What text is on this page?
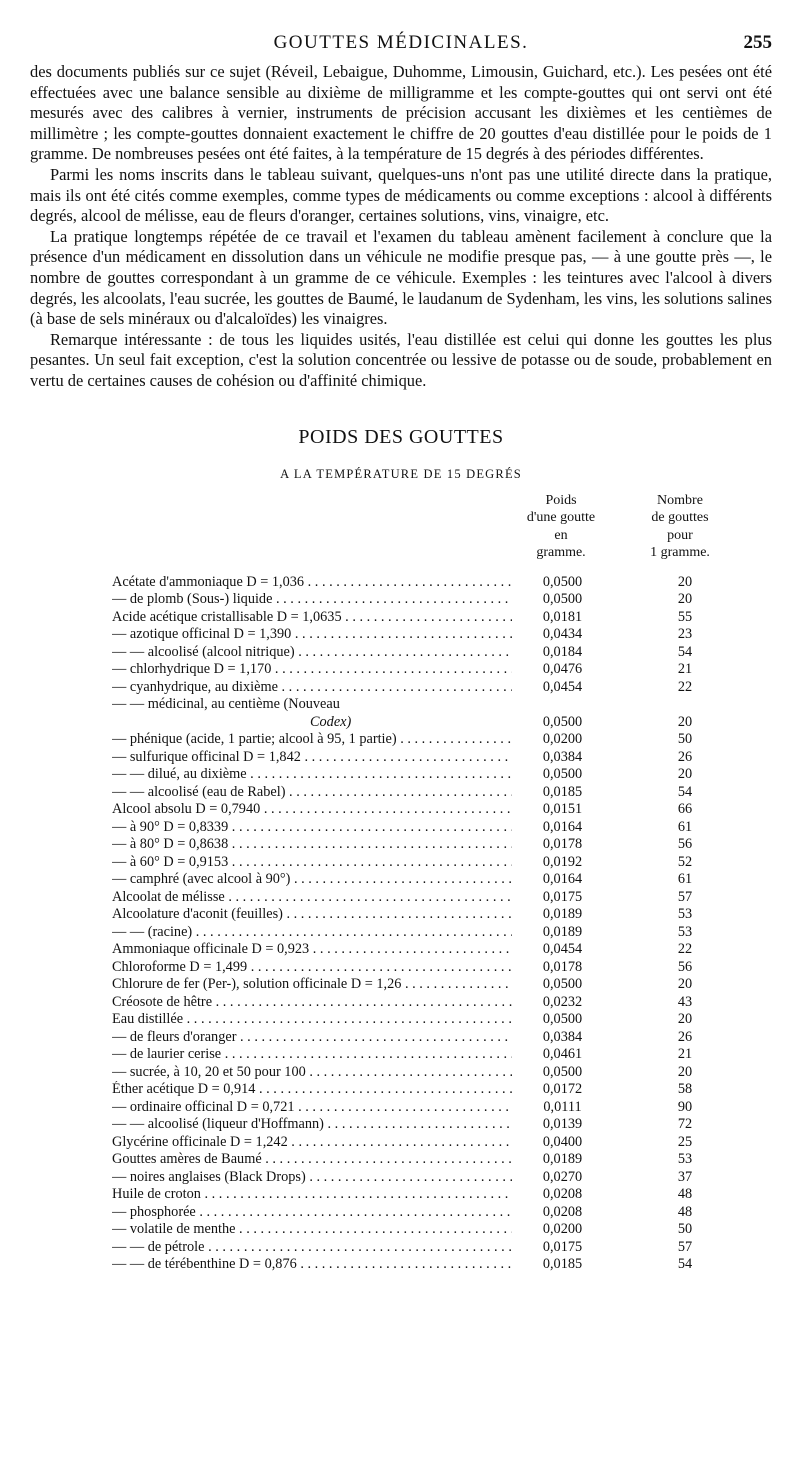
GOUTTES MÉDICINALES.	255

des documents publiés sur ce sujet (Réveil, Lebaigue, Duhomme, Limousin, Guichard, etc.). Les pesées ont été effectuées avec une balance sensible au dixième de milligramme et les compte-gouttes qui ont servi ont été mesurés avec des calibres à vernier, instruments de précision accusant les dixièmes et les centièmes de millimètre ; les compte-gouttes donnaient exactement le chiffre de 20 gouttes d'eau distillée pour le poids de 1 gramme. De nombreuses pesées ont été faites, à la température de 15 degrés à des périodes différentes.

Parmi les noms inscrits dans le tableau suivant, quelques-uns n'ont pas une utilité directe dans la pratique, mais ils ont été cités comme exemples, comme types de médicaments ou comme exceptions : alcool à différents degrés, alcool de mélisse, eau de fleurs d'oranger, certaines solutions, vins, vinaigre, etc.

La pratique longtemps répétée de ce travail et l'examen du tableau amènent facilement à conclure que la présence d'un médicament en dissolution dans un véhicule ne modifie presque pas, — à une goutte près —, le nombre de gouttes correspondant à un gramme de ce véhicule. Exemples : les teintures avec l'alcool à divers degrés, les alcoolats, l'eau sucrée, les gouttes de Baumé, le laudanum de Sydenham, les vins, les solutions salines (à base de sels minéraux ou d'alcaloïdes) les vinaigres.

Remarque intéressante : de tous les liquides usités, l'eau distillée est celui qui donne les gouttes les plus pesantes. Un seul fait exception, c'est la solution concentrée ou lessive de potasse ou de soude, probablement en vertu de certaines causes de cohésion ou d'affinité chimique.

POIDS DES GOUTTES
A LA TEMPÉRATURE DE 15 DEGRÉS
Poids
d'une goutte
en
gramme.
Nombre
de gouttes
pour
1 gramme.
Acétate d'ammoniaque D = 1,036 . . .	0,0500	20
— de plomb (Sous-) liquide . . .	0,0500	20
Acide acétique cristallisable D = 1,0635 . . .	0,0181	55
— azotique officinal D = 1,390 . . .	0,0434	23
— — alcoolisé (alcool nitrique) . . .	0,0184	54
— chlorhydrique D = 1,170 . . .	0,0476	21
— cyanhydrique, au dixième . . .	0,0454	22
— — médicinal, au centième (Nouveau
Codex)	0,0500	20
— phénique (acide, 1 partie; alcool à 95, 1 partie) . . .	0,0200	50
— sulfurique officinal D = 1,842 . . .	0,0384	26
— — dilué, au dixième . . .	0,0500	20
— — alcoolisé (eau de Rabel) . . .	0,0185	54
Alcool absolu D = 0,7940 . . .	0,0151	66
— à 90° D = 0,8339 . . .	0,0164	61
— à 80° D = 0,8638 . . .	0,0178	56
— à 60° D = 0,9153 . . .	0,0192	52
— camphré (avec alcool à 90°) . . .	0,0164	61
Alcoolat de mélisse . . .	0,0175	57
Alcoolature d'aconit (feuilles) . . .	0,0189	53
— — (racine) . . .	0,0189	53
Ammoniaque officinale D = 0,923 . . .	0,0454	22
Chloroforme D = 1,499 . . .	0,0178	56
Chlorure de fer (Per-), solution officinale D = 1,26 . . .	0,0500	20
Créosote de hêtre . . .	0,0232	43
Eau distillée . . .	0,0500	20
— de fleurs d'oranger . . .	0,0384	26
— de laurier cerise . . .	0,0461	21
— sucrée, à 10, 20 et 50 pour 100 . . .	0,0500	20
Éther acétique D = 0,914 . . .	0,0172	58
— ordinaire officinal D = 0,721 . . .	0,0111	90
— — alcoolisé (liqueur d'Hoffmann) . . .	0,0139	72
Glycérine officinale D = 1,242 . . .	0,0400	25
Gouttes amères de Baumé . . .	0,0189	53
— noires anglaises (Black Drops) . . .	0,0270	37
Huile de croton . . .	0,0208	48
— phosphorée . . .	0,0208	48
— volatile de menthe . . .	0,0200	50
— — de pétrole . . .	0,0175	57
— — de térébenthine D = 0,876 . . .	0,0185	54
